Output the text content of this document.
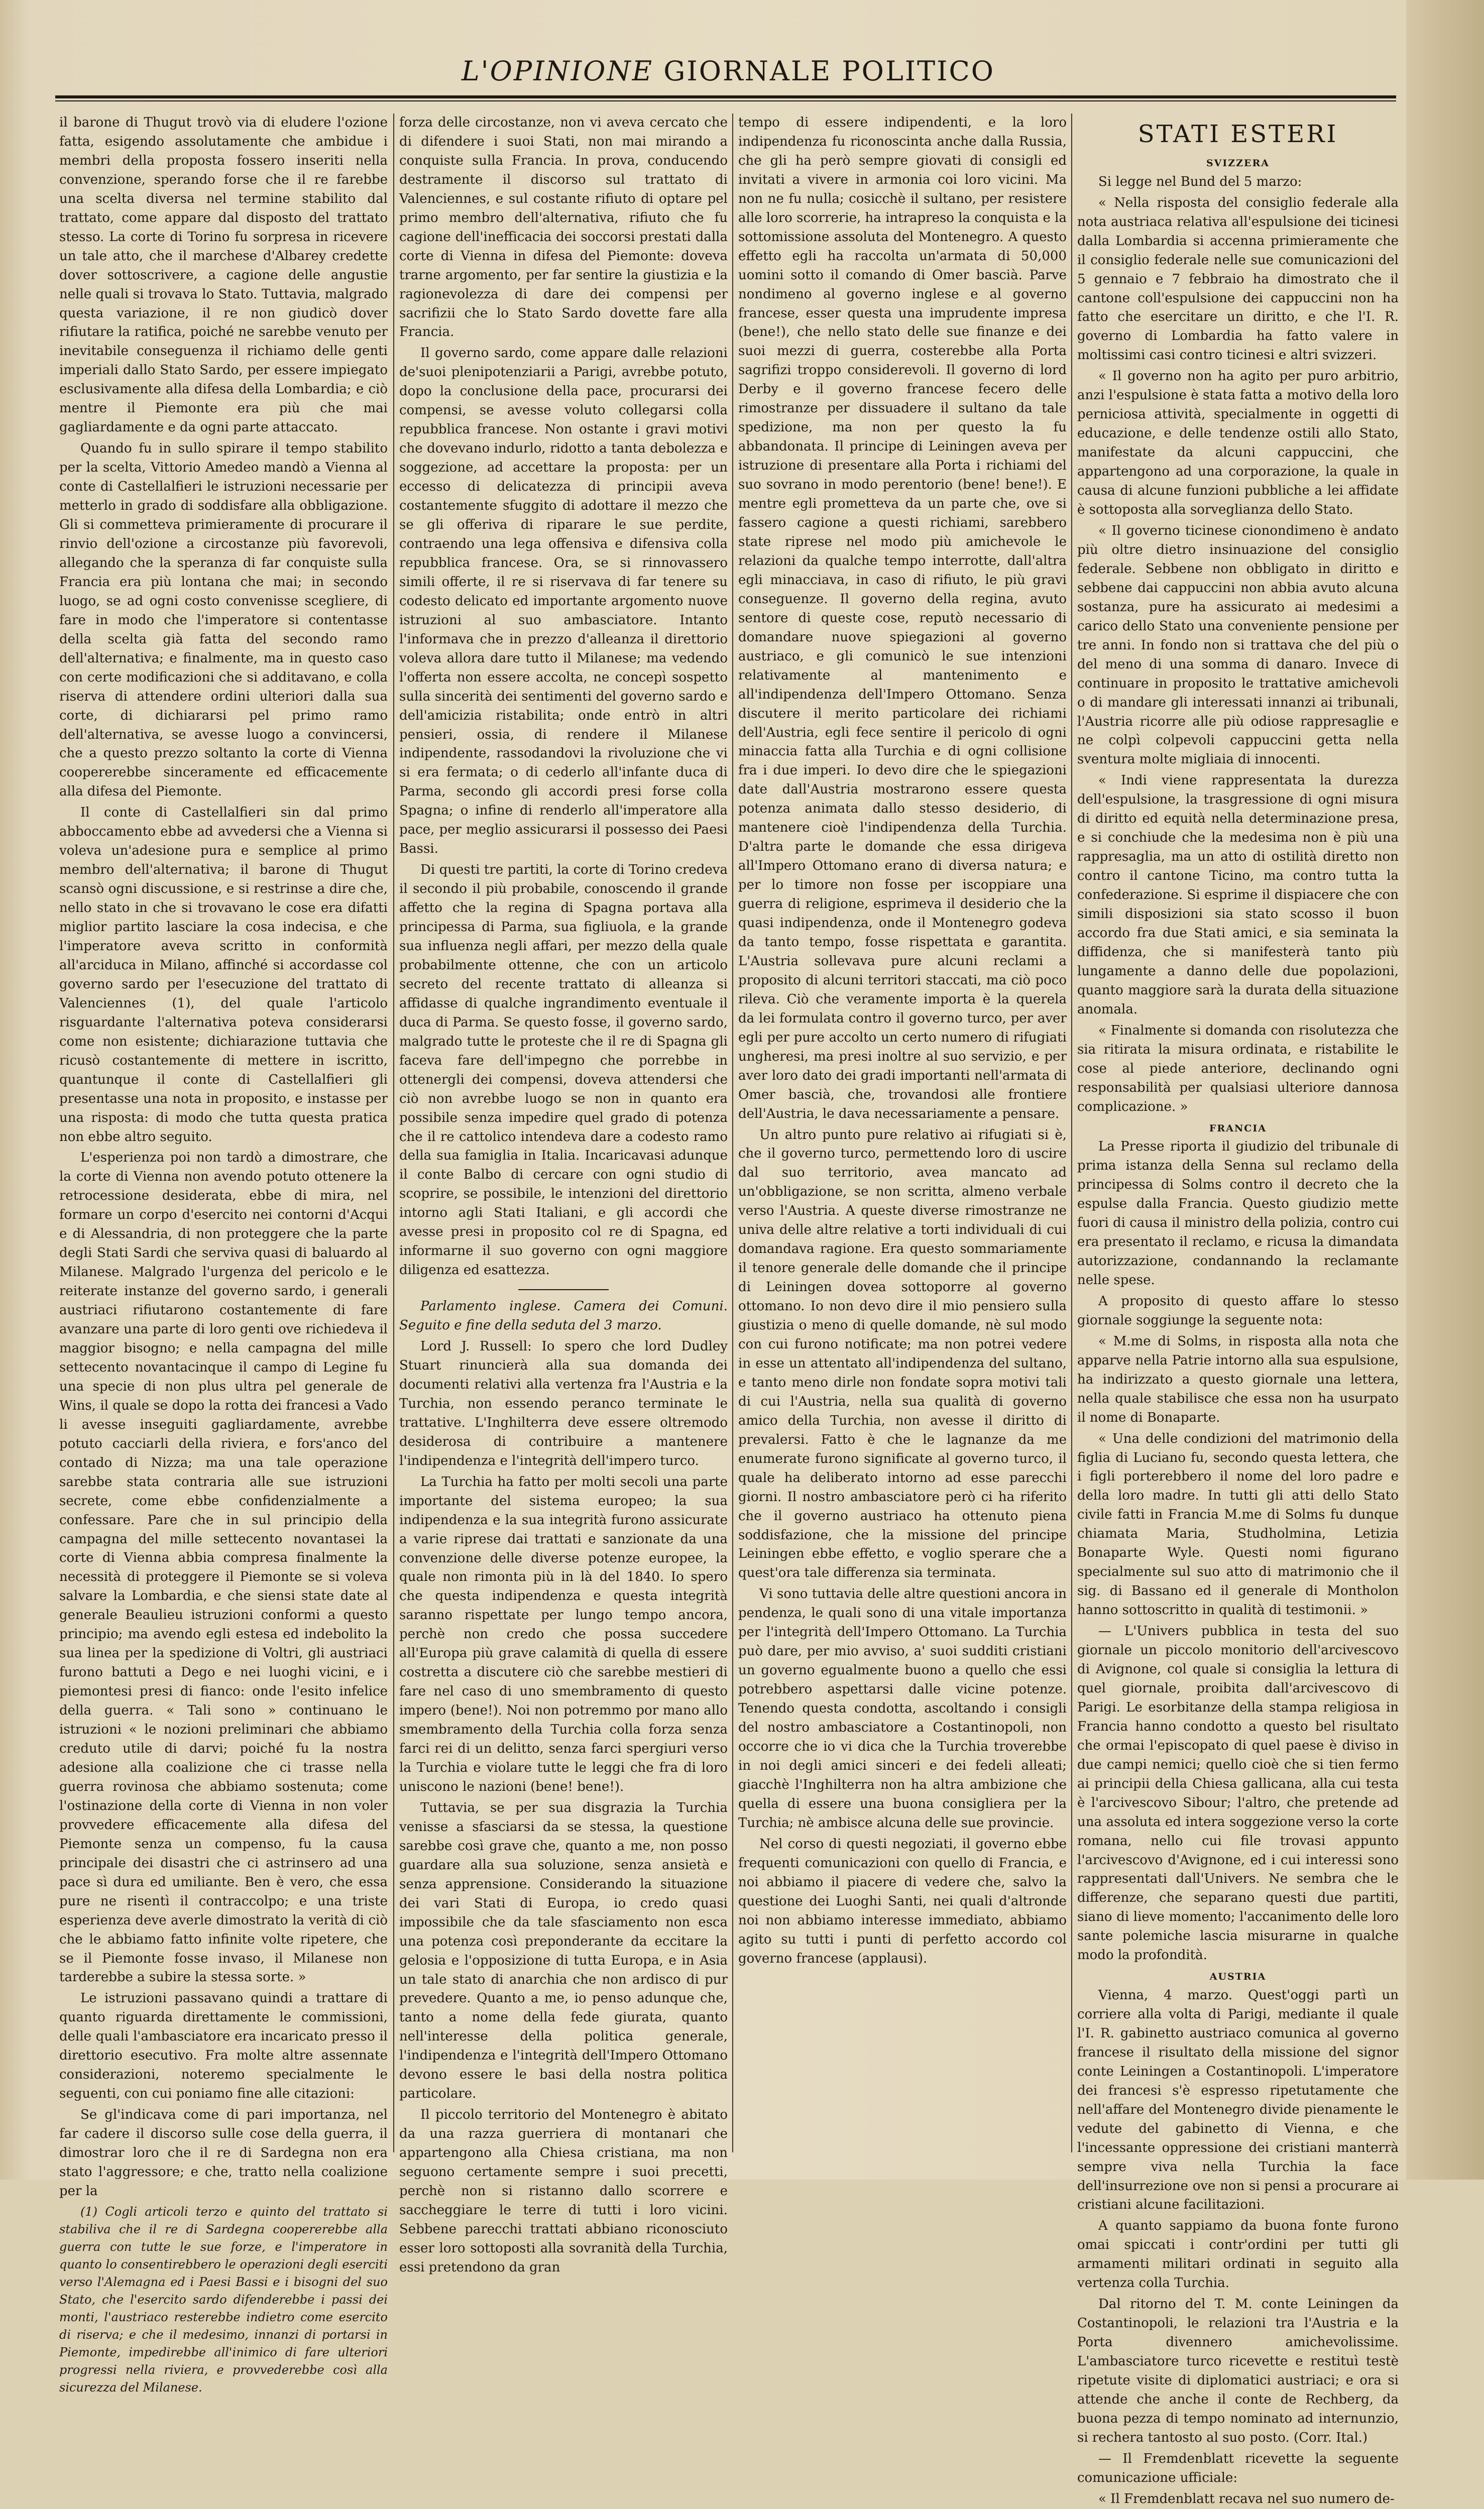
L'OPINIONE GIORNALE POLITICO

il barone di Thugut trovò via di eludere l'ozione fatta, esigendo assolutamente che ambidue i membri della proposta fossero inseriti nella convenzione, sperando forse che il re farebbe una scelta diversa nel termine stabilito dal trattato, come appare dal disposto del trattato stesso. La corte di Torino fu sorpresa in ricevere un tale atto, che il marchese d'Albarey credette dover sottoscrivere, a cagione delle angustie nelle quali si trovava lo Stato. Tuttavia, malgrado questa variazione, il re non giudicò dover rifiutare la ratifica, poiché ne sarebbe venuto per inevitabile conseguenza il richiamo delle genti imperiali dallo Stato Sardo, per essere impiegato esclusivamente alla difesa della Lombardia; e ciò mentre il Piemonte era più che mai gagliardamente e da ogni parte attaccato.

Quando fu in sullo spirare il tempo stabilito per la scelta, Vittorio Amedeo mandò a Vienna al conte di Castellalfieri le istruzioni necessarie per metterlo in grado di soddisfare alla obbligazione. Gli si commetteva primieramente di procurare il rinvio dell'ozione a circostanze più favorevoli, allegando che la speranza di far conquiste sulla Francia era più lontana che mai; in secondo luogo, se ad ogni costo convenisse scegliere, di fare in modo che l'imperatore si contentasse della scelta già fatta del secondo ramo dell'alternativa; e finalmente, ma in questo caso con certe modificazioni che si additavano, e colla riserva di attendere ordini ulteriori dalla sua corte, di dichiararsi pel primo ramo dell'alternativa, se avesse luogo a convincersi, che a questo prezzo soltanto la corte di Vienna coopererebbe sinceramente ed efficacemente alla difesa del Piemonte.

Il conte di Castellalfieri sin dal primo abboccamento ebbe ad avvedersi che a Vienna si voleva un'adesione pura e semplice al primo membro dell'alternativa; il barone di Thugut scansò ogni discussione, e si restrinse a dire che, nello stato in che si trovavano le cose era difatti miglior partito lasciare la cosa indecisa, e che l'imperatore aveva scritto in conformità all'arciduca in Milano, affinché si accordasse col governo sardo per l'esecuzione del trattato di Valenciennes (1), del quale l'articolo risguardante l'alternativa poteva considerarsi come non esistente; dichiarazione tuttavia che ricusò costantemente di mettere in iscritto, quantunque il conte di Castellalfieri gli presentasse una nota in proposito, e instasse per una risposta: di modo che tutta questa pratica non ebbe altro seguito.

L'esperienza poi non tardò a dimostrare, che la corte di Vienna non avendo potuto ottenere la retrocessione desiderata, ebbe di mira, nel formare un corpo d'esercito nei contorni d'Acqui e di Alessandria, di non proteggere che la parte degli Stati Sardi che serviva quasi di baluardo al Milanese. Malgrado l'urgenza del pericolo e le reiterate instanze del governo sardo, i generali austriaci rifiutarono costantemente di fare avanzare una parte di loro genti ove richiedeva il maggior bisogno; e nella campagna del mille settecento novantacinque il campo di Legine fu una specie di non plus ultra pel generale de Wins, il quale se dopo la rotta dei francesi a Vado li avesse inseguiti gagliardamente, avrebbe potuto cacciarli della riviera, e fors'anco del contado di Nizza; ma una tale operazione sarebbe stata contraria alle sue istruzioni secrete, come ebbe confidenzialmente a confessare. Pare che in sul principio della campagna del mille settecento novantasei la corte di Vienna abbia compresa finalmente la necessità di proteggere il Piemonte se si voleva salvare la Lombardia, e che siensi state date al generale Beaulieu istruzioni conformi a questo principio; ma avendo egli estesa ed indebolito la sua linea per la spedizione di Voltri, gli austriaci furono battuti a Dego e nei luoghi vicini, e i piemontesi presi di fianco: onde l'esito infelice della guerra. « Tali sono » continuano le istruzioni « le nozioni preliminari che abbiamo creduto utile di darvi; poiché fu la nostra adesione alla coalizione che ci trasse nella guerra rovinosa che abbiamo sostenuta; come l'ostinazione della corte di Vienna in non voler provvedere efficacemente alla difesa del Piemonte senza un compenso, fu la causa principale dei disastri che ci astrinsero ad una pace sì dura ed umiliante. Ben è vero, che essa pure ne risentì il contraccolpo; e una triste esperienza deve averle dimostrato la verità di ciò che le abbiamo fatto infinite volte ripetere, che se il Piemonte fosse invaso, il Milanese non tarderebbe a subire la stessa sorte. »

Le istruzioni passavano quindi a trattare di quanto riguarda direttamente le commissioni, delle quali l'ambasciatore era incaricato presso il direttorio esecutivo. Fra molte altre assennate considerazioni, noteremo specialmente le seguenti, con cui poniamo fine alle citazioni:

Se gl'indicava come di pari importanza, nel far cadere il discorso sulle cose della guerra, il dimostrar loro che il re di Sardegna non era stato l'aggressore; e che, tratto nella coalizione per la

(1) Cogli articoli terzo e quinto del trattato si stabiliva che il re di Sardegna coopererebbe alla guerra con tutte le sue forze, e l'imperatore in quanto lo consentirebbero le operazioni degli eserciti verso l'Alemagna ed i Paesi Bassi e i bisogni del suo Stato, che l'esercito sardo difenderebbe i passi dei monti, l'austriaco resterebbe indietro come esercito di riserva; e che il medesimo, innanzi di portarsi in Piemonte, impedirebbe all'inimico di fare ulteriori progressi nella riviera, e provvederebbe così alla sicurezza del Milanese.

forza delle circostanze, non vi aveva cercato che di difendere i suoi Stati, non mai mirando a conquiste sulla Francia. In prova, conducendo destramente il discorso sul trattato di Valenciennes, e sul costante rifiuto di optare pel primo membro dell'alternativa, rifiuto che fu cagione dell'inefficacia dei soccorsi prestati dalla corte di Vienna in difesa del Piemonte: doveva trarne argomento, per far sentire la giustizia e la ragionevolezza di dare dei compensi per sacrifizii che lo Stato Sardo dovette fare alla Francia.

Il governo sardo, come appare dalle relazioni de'suoi plenipotenziarii a Parigi, avrebbe potuto, dopo la conclusione della pace, procurarsi dei compensi, se avesse voluto collegarsi colla repubblica francese. Non ostante i gravi motivi che dovevano indurlo, ridotto a tanta debolezza e soggezione, ad accettare la proposta: per un eccesso di delicatezza di principii aveva costantemente sfuggito di adottare il mezzo che se gli offeriva di riparare le sue perdite, contraendo una lega offensiva e difensiva colla repubblica francese. Ora, se si rinnovassero simili offerte, il re si riservava di far tenere su codesto delicato ed importante argomento nuove istruzioni al suo ambasciatore. Intanto l'informava che in prezzo d'alleanza il direttorio voleva allora dare tutto il Milanese; ma vedendo l'offerta non essere accolta, ne concepì sospetto sulla sincerità dei sentimenti del governo sardo e dell'amicizia ristabilita; onde entrò in altri pensieri, ossia, di rendere il Milanese indipendente, rassodandovi la rivoluzione che vi si era fermata; o di cederlo all'infante duca di Parma, secondo gli accordi presi forse colla Spagna; o infine di renderlo all'imperatore alla pace, per meglio assicurarsi il possesso dei Paesi Bassi.

Di questi tre partiti, la corte di Torino credeva il secondo il più probabile, conoscendo il grande affetto che la regina di Spagna portava alla principessa di Parma, sua figliuola, e la grande sua influenza negli affari, per mezzo della quale probabilmente ottenne, che con un articolo secreto del recente trattato di alleanza si affidasse di qualche ingrandimento eventuale il duca di Parma. Se questo fosse, il governo sardo, malgrado tutte le proteste che il re di Spagna gli faceva fare dell'impegno che porrebbe in ottenergli dei compensi, doveva attendersi che ciò non avrebbe luogo se non in quanto era possibile senza impedire quel grado di potenza che il re cattolico intendeva dare a codesto ramo della sua famiglia in Italia. Incaricavasi adunque il conte Balbo di cercare con ogni studio di scoprire, se possibile, le intenzioni del direttorio intorno agli Stati Italiani, e gli accordi che avesse presi in proposito col re di Spagna, ed informarne il suo governo con ogni maggiore diligenza ed esattezza.

Parlamento inglese. Camera dei Comuni. Seguito e fine della seduta del 3 marzo.

Lord J. Russell: Io spero che lord Dudley Stuart rinuncierà alla sua domanda dei documenti relativi alla vertenza fra l'Austria e la Turchia, non essendo peranco terminate le trattative. L'Inghilterra deve essere oltremodo desiderosa di contribuire a mantenere l'indipendenza e l'integrità dell'impero turco.

La Turchia ha fatto per molti secoli una parte importante del sistema europeo; la sua indipendenza e la sua integrità furono assicurate a varie riprese dai trattati e sanzionate da una convenzione delle diverse potenze europee, la quale non rimonta più in là del 1840. Io spero che questa indipendenza e questa integrità saranno rispettate per lungo tempo ancora, perchè non credo che possa succedere all'Europa più grave calamità di quella di essere costretta a discutere ciò che sarebbe mestieri di fare nel caso di uno smembramento di questo impero (bene!). Noi non potremmo por mano allo smembramento della Turchia colla forza senza farci rei di un delitto, senza farci spergiuri verso la Turchia e violare tutte le leggi che fra di loro uniscono le nazioni (bene! bene!).

Tuttavia, se per sua disgrazia la Turchia venisse a sfasciarsi da se stessa, la questione sarebbe così grave che, quanto a me, non posso guardare alla sua soluzione, senza ansietà e senza apprensione. Considerando la situazione dei vari Stati di Europa, io credo quasi impossibile che da tale sfasciamento non esca una potenza così preponderante da eccitare la gelosia e l'opposizione di tutta Europa, e in Asia un tale stato di anarchia che non ardisco di pur prevedere. Quanto a me, io penso adunque che, tanto a nome della fede giurata, quanto nell'interesse della politica generale, l'indipendenza e l'integrità dell'Impero Ottomano devono essere le basi della nostra politica particolare.

Il piccolo territorio del Montenegro è abitato da una razza guerriera di montanari che appartengono alla Chiesa cristiana, ma non seguono certamente sempre i suoi precetti, perchè non si ristanno dallo scorrere e saccheggiare le terre di tutti i loro vicini. Sebbene parecchi trattati abbiano riconosciuto esser loro sottoposti alla sovranità della Turchia, essi pretendono da gran

tempo di essere indipendenti, e la loro indipendenza fu riconoscinta anche dalla Russia, che gli ha però sempre giovati di consigli ed invitati a vivere in armonia coi loro vicini. Ma non ne fu nulla; cosicchè il sultano, per resistere alle loro scorrerie, ha intrapreso la conquista e la sottomissione assoluta del Montenegro. A questo effetto egli ha raccolta un'armata di 50,000 uomini sotto il comando di Omer bascià. Parve nondimeno al governo inglese e al governo francese, esser questa una imprudente impresa (bene!), che nello stato delle sue finanze e dei suoi mezzi di guerra, costerebbe alla Porta sagrifizi troppo considerevoli. Il governo di lord Derby e il governo francese fecero delle rimostranze per dissuadere il sultano da tale spedizione, ma non per questo la fu abbandonata. Il principe di Leiningen aveva per istruzione di presentare alla Porta i richiami del suo sovrano in modo perentorio (bene! bene!). E mentre egli prometteva da un parte che, ove si fassero cagione a questi richiami, sarebbero state riprese nel modo più amichevole le relazioni da qualche tempo interrotte, dall'altra egli minacciava, in caso di rifiuto, le più gravi conseguenze. Il governo della regina, avuto sentore di queste cose, reputò necessario di domandare nuove spiegazioni al governo austriaco, e gli comunicò le sue intenzioni relativamente al mantenimento e all'indipendenza dell'Impero Ottomano. Senza discutere il merito particolare dei richiami dell'Austria, egli fece sentire il pericolo di ogni minaccia fatta alla Turchia e di ogni collisione fra i due imperi. Io devo dire che le spiegazioni date dall'Austria mostrarono essere questa potenza animata dallo stesso desiderio, di mantenere cioè l'indipendenza della Turchia. D'altra parte le domande che essa dirigeva all'Impero Ottomano erano di diversa natura; e per lo timore non fosse per iscoppiare una guerra di religione, esprimeva il desiderio che la quasi indipendenza, onde il Montenegro godeva da tanto tempo, fosse rispettata e garantita. L'Austria sollevava pure alcuni reclami a proposito di alcuni territori staccati, ma ciò poco rileva. Ciò che veramente importa è la querela da lei formulata contro il governo turco, per aver egli per pure accolto un certo numero di rifugiati ungheresi, ma presi inoltre al suo servizio, e per aver loro dato dei gradi importanti nell'armata di Omer bascià, che, trovandosi alle frontiere dell'Austria, le dava necessariamente a pensare.

Un altro punto pure relativo ai rifugiati si è, che il governo turco, permettendo loro di uscire dal suo territorio, avea mancato ad un'obbligazione, se non scritta, almeno verbale verso l'Austria. A queste diverse rimostranze ne univa delle altre relative a torti individuali di cui domandava ragione. Era questo sommariamente il tenore generale delle domande che il principe di Leiningen dovea sottoporre al governo ottomano. Io non devo dire il mio pensiero sulla giustizia o meno di quelle domande, nè sul modo con cui furono notificate; ma non potrei vedere in esse un attentato all'indipendenza del sultano, e tanto meno dirle non fondate sopra motivi tali di cui l'Austria, nella sua qualità di governo amico della Turchia, non avesse il diritto di prevalersi. Fatto è che le lagnanze da me enumerate furono significate al governo turco, il quale ha deliberato intorno ad esse parecchi giorni. Il nostro ambasciatore però ci ha riferito che il governo austriaco ha ottenuto piena soddisfazione, che la missione del principe Leiningen ebbe effetto, e voglio sperare che a quest'ora tale differenza sia terminata.

Vi sono tuttavia delle altre questioni ancora in pendenza, le quali sono di una vitale importanza per l'integrità dell'Impero Ottomano. La Turchia può dare, per mio avviso, a' suoi sudditi cristiani un governo egualmente buono a quello che essi potrebbero aspettarsi dalle vicine potenze. Tenendo questa condotta, ascoltando i consigli del nostro ambasciatore a Costantinopoli, non occorre che io vi dica che la Turchia troverebbe in noi degli amici sinceri e dei fedeli alleati; giacchè l'Inghilterra non ha altra ambizione che quella di essere una buona consigliera per la Turchia; nè ambisce alcuna delle sue provincie.

Nel corso di questi negoziati, il governo ebbe frequenti comunicazioni con quello di Francia, e noi abbiamo il piacere di vedere che, salvo la questione dei Luoghi Santi, nei quali d'altronde noi non abbiamo interesse immediato, abbiamo agito su tutti i punti di perfetto accordo col governo francese (applausi).

STATI ESTERI
SVIZZERA

Si legge nel Bund del 5 marzo:

« Nella risposta del consiglio federale alla nota austriaca relativa all'espulsione dei ticinesi dalla Lombardia si accenna primieramente che il consiglio federale nelle sue comunicazioni del 5 gennaio e 7 febbraio ha dimostrato che il cantone coll'espulsione dei cappuccini non ha fatto che esercitare un diritto, e che l'I. R. governo di Lombardia ha fatto valere in moltissimi casi contro ticinesi e altri svizzeri.

« Il governo non ha agito per puro arbitrio, anzi l'espulsione è stata fatta a motivo della loro perniciosa attività, specialmente in oggetti di educazione, e delle tendenze ostili allo Stato, manifestate da alcuni cappuccini, che appartengono ad una corporazione, la quale in causa di alcune funzioni pubbliche a lei affidate è sottoposta alla sorveglianza dello Stato.

« Il governo ticinese cionondimeno è andato più oltre dietro insinuazione del consiglio federale. Sebbene non obbligato in diritto e sebbene dai cappuccini non abbia avuto alcuna sostanza, pure ha assicurato ai medesimi a carico dello Stato una conveniente pensione per tre anni. In fondo non si trattava che del più o del meno di una somma di danaro. Invece di continuare in proposito le trattative amichevoli o di mandare gli interessati innanzi ai tribunali, l'Austria ricorre alle più odiose rappresaglie e ne colpì colpevoli cappuccini getta nella sventura molte migliaia di innocenti.

« Indi viene rappresentata la durezza dell'espulsione, la trasgressione di ogni misura di diritto ed equità nella determinazione presa, e si conchiude che la medesima non è più una rappresaglia, ma un atto di ostilità diretto non contro il cantone Ticino, ma contro tutta la confederazione. Si esprime il dispiacere che con simili disposizioni sia stato scosso il buon accordo fra due Stati amici, e sia seminata la diffidenza, che si manifesterà tanto più lungamente a danno delle due popolazioni, quanto maggiore sarà la durata della situazione anomala.

« Finalmente si domanda con risolutezza che sia ritirata la misura ordinata, e ristabilite le cose al piede anteriore, declinando ogni responsabilità per qualsiasi ulteriore dannosa complicazione. »

FRANCIA

La Presse riporta il giudizio del tribunale di prima istanza della Senna sul reclamo della principessa di Solms contro il decreto che la espulse dalla Francia. Questo giudizio mette fuori di causa il ministro della polizia, contro cui era presentato il reclamo, e ricusa la dimandata autorizzazione, condannando la reclamante nelle spese.

A proposito di questo affare lo stesso giornale soggiunge la seguente nota:

« M.me di Solms, in risposta alla nota che apparve nella Patrie intorno alla sua espulsione, ha indirizzato a questo giornale una lettera, nella quale stabilisce che essa non ha usurpato il nome di Bonaparte.

« Una delle condizioni del matrimonio della figlia di Luciano fu, secondo questa lettera, che i figli porterebbero il nome del loro padre e della loro madre. In tutti gli atti dello Stato civile fatti in Francia M.me di Solms fu dunque chiamata Maria, Studholmina, Letizia Bonaparte Wyle. Questi nomi figurano specialmente sul suo atto di matrimonio che il sig. di Bassano ed il generale di Montholon hanno sottoscritto in qualità di testimonii. »

— L'Univers pubblica in testa del suo giornale un piccolo monitorio dell'arcivescovo di Avignone, col quale si consiglia la lettura di quel giornale, proibita dall'arcivescovo di Parigi. Le esorbitanze della stampa religiosa in Francia hanno condotto a questo bel risultato che ormai l'episcopato di quel paese è diviso in due campi nemici; quello cioè che si tien fermo ai principii della Chiesa gallicana, alla cui testa è l'arcivescovo Sibour; l'altro, che pretende ad una assoluta ed intera soggezione verso la corte romana, nello cui file trovasi appunto l'arcivescovo d'Avignone, ed i cui interessi sono rappresentati dall'Univers. Ne sembra che le differenze, che separano questi due partiti, siano di lieve momento; l'accanimento delle loro sante polemiche lascia misurarne in qualche modo la profondità.

AUSTRIA

Vienna, 4 marzo. Quest'oggi partì un corriere alla volta di Parigi, mediante il quale l'I. R. gabinetto austriaco comunica al governo francese il risultato della missione del signor conte Leiningen a Costantinopoli. L'imperatore dei francesi s'è espresso ripetutamente che nell'affare del Montenegro divide pienamente le vedute del gabinetto di Vienna, e che l'incessante oppressione dei cristiani manterrà sempre viva nella Turchia la face dell'insurrezione ove non si pensi a procurare ai cristiani alcune facilitazioni.

A quanto sappiamo da buona fonte furono omai spiccati i contr'ordini per tutti gli armamenti militari ordinati in seguito alla vertenza colla Turchia.

Dal ritorno del T. M. conte Leiningen da Costantinopoli, le relazioni tra l'Austria e la Porta divennero amichevolissime. L'ambasciatore turco ricevette e restituì testè ripetute visite di diplomatici austriaci; e ora si attende che anche il conte de Rechberg, da buona pezza di tempo nominato ad internunzio, si rechera tantosto al suo posto. (Corr. Ital.)

— Il Fremdenblatt ricevette la seguente comunicazione ufficiale:

« Il Fremdenblatt recava nel suo numero de-
